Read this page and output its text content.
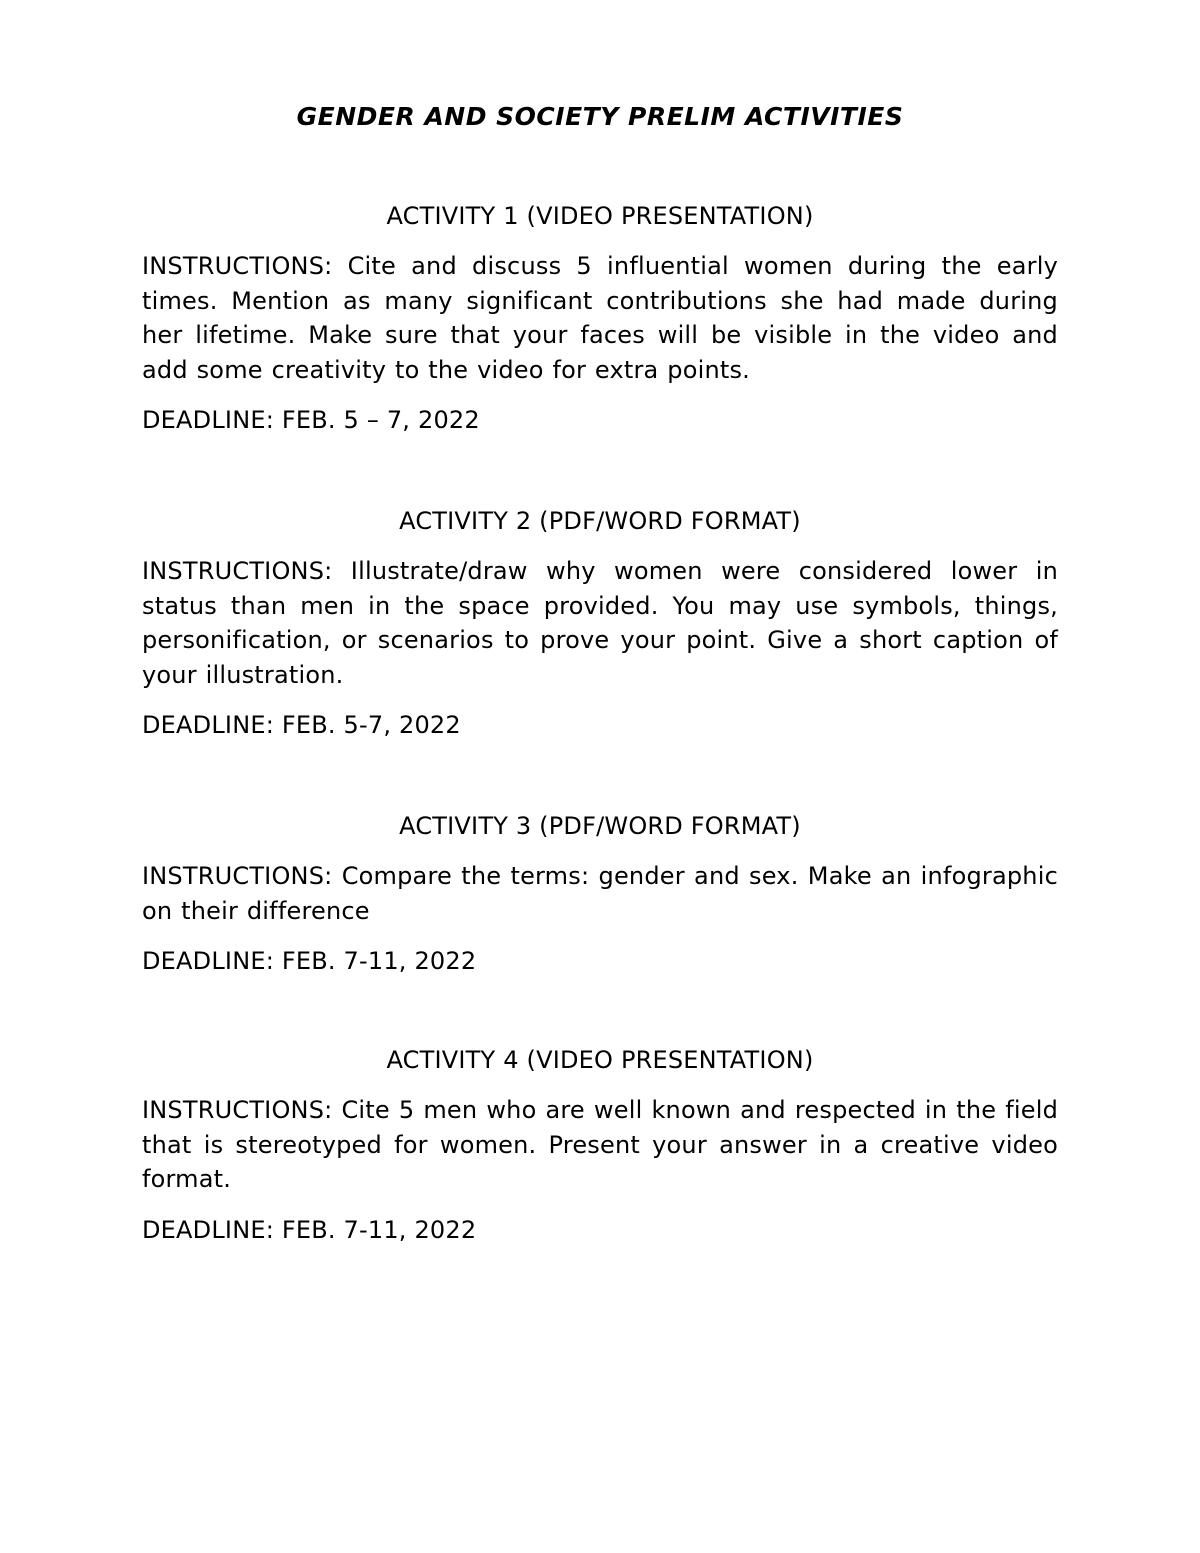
GENDER AND SOCIETY PRELIM ACTIVITIES
ACTIVITY 1 (VIDEO PRESENTATION)

INSTRUCTIONS: Cite and discuss 5 influential women during the early times. Mention as many significant contributions she had made during her lifetime. Make sure that your faces will be visible in the video and add some creativity to the video for extra points.

DEADLINE: FEB. 5 – 7, 2022

ACTIVITY 2 (PDF/WORD FORMAT)

INSTRUCTIONS: Illustrate/draw why women were considered lower in status than men in the space provided. You may use symbols, things, personification, or scenarios to prove your point. Give a short caption of your illustration.

DEADLINE: FEB. 5-7, 2022

ACTIVITY 3 (PDF/WORD FORMAT)

INSTRUCTIONS: Compare the terms: gender and sex. Make an infographic on their difference

DEADLINE: FEB. 7-11, 2022

ACTIVITY 4 (VIDEO PRESENTATION)

INSTRUCTIONS: Cite 5 men who are well known and respected in the field that is stereotyped for women. Present your answer in a creative video format.

DEADLINE: FEB. 7-11, 2022
